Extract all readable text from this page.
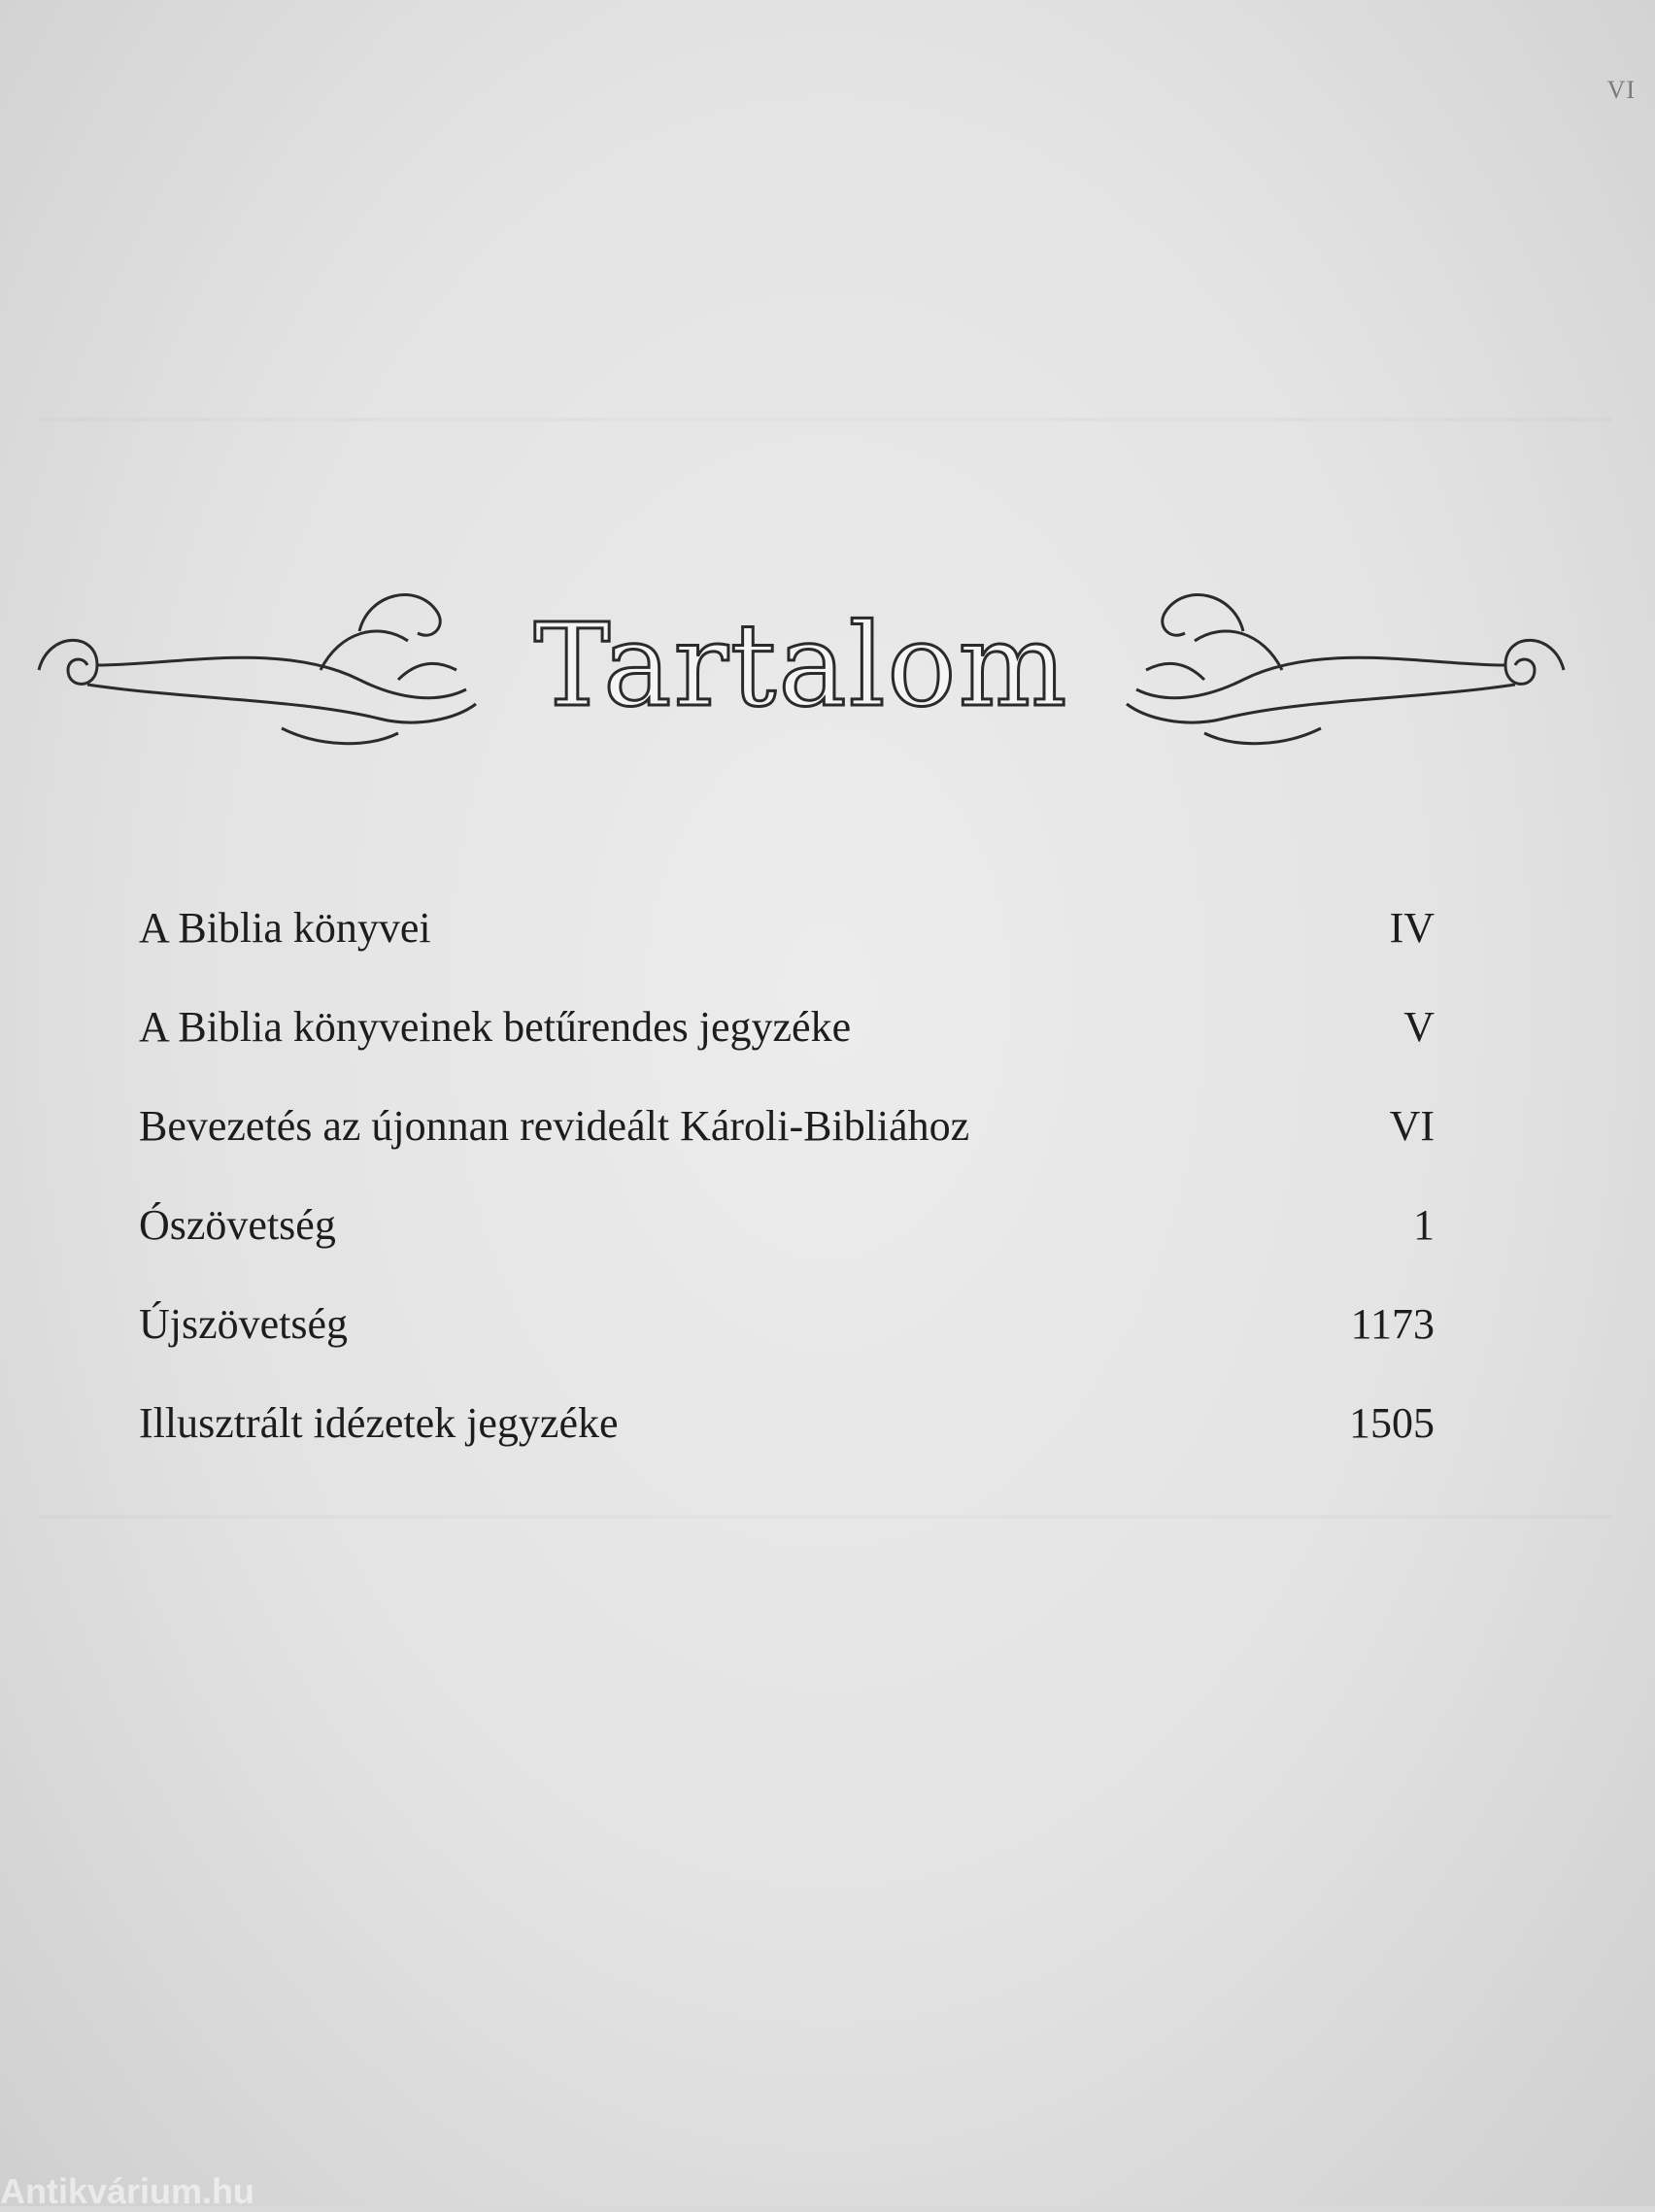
VI
Tartalom
A Biblia könyvei	IV
A Biblia könyveinek betűrendes jegyzéke	V
Bevezetés az újonnan revideált Károli-Bibliához	VI
Ószövetség	1
Újszövetség	1173
Illusztrált idézetek jegyzéke	1505
Antikvárium.hu
